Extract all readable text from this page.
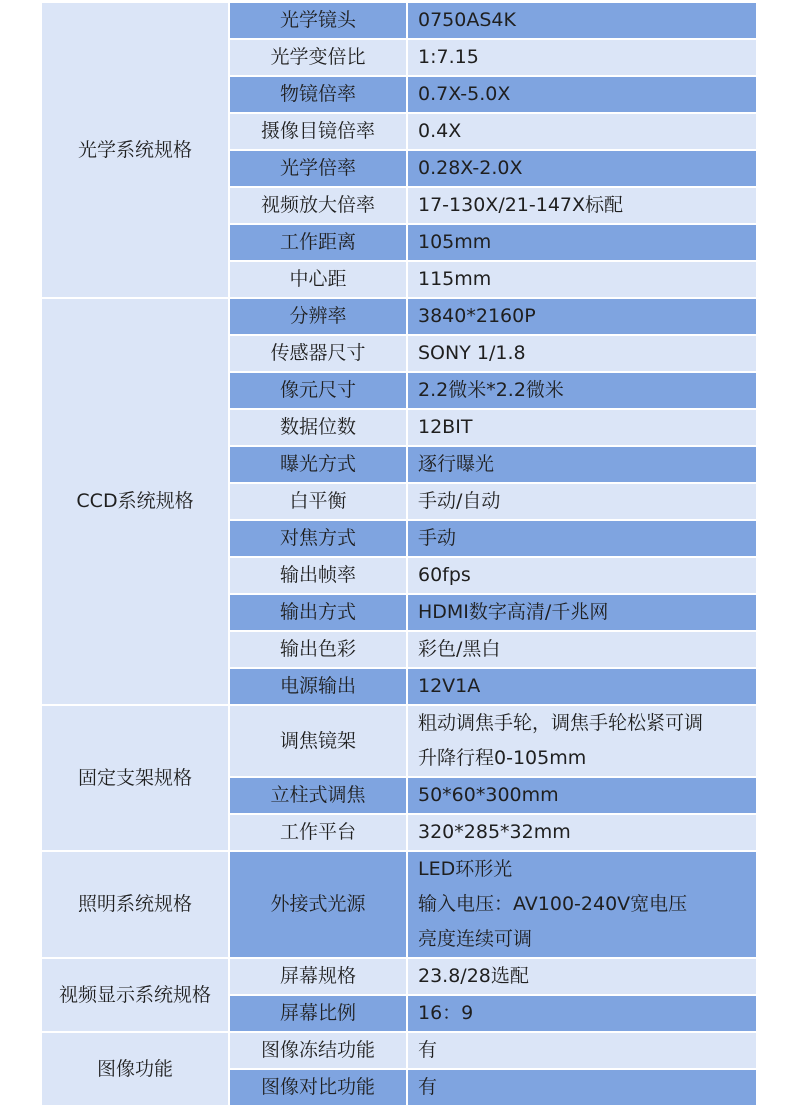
光学系统规格	光学镜头	0750AS4K

	光学变倍比	1:7.15

	物镜倍率	0.7X-5.0X

	摄像目镜倍率	0.4X

	光学倍率	0.28X-2.0X

	视频放大倍率	17-130X/21-147X标配

	工作距离	105mm

	中心距	115mm

CCD系统规格	分辨率	3840*2160P

	传感器尺寸	SONY 1/1.8

	像元尺寸	2.2微米*2.2微米

	数据位数	12BIT

	曝光方式	逐行曝光

	白平衡	手动/自动

	对焦方式	手动

	输出帧率	60fps

	输出方式	HDMI数字高清/千兆网

	输出色彩	彩色/黑白

	电源输出	12V1A

固定支架规格	调焦镜架	粗动调焦手轮，调焦手轮松紧可调
升降行程0-105mm

	立柱式调焦	50*60*300mm

	工作平台	320*285*32mm

照明系统规格	外接式光源	LED环形光
输入电压：AV100-240V宽电压
亮度连续可调

视频显示系统规格	屏幕规格	23.8/28选配

	屏幕比例	16：9

图像功能	图像冻结功能	有

	图像对比功能	有
